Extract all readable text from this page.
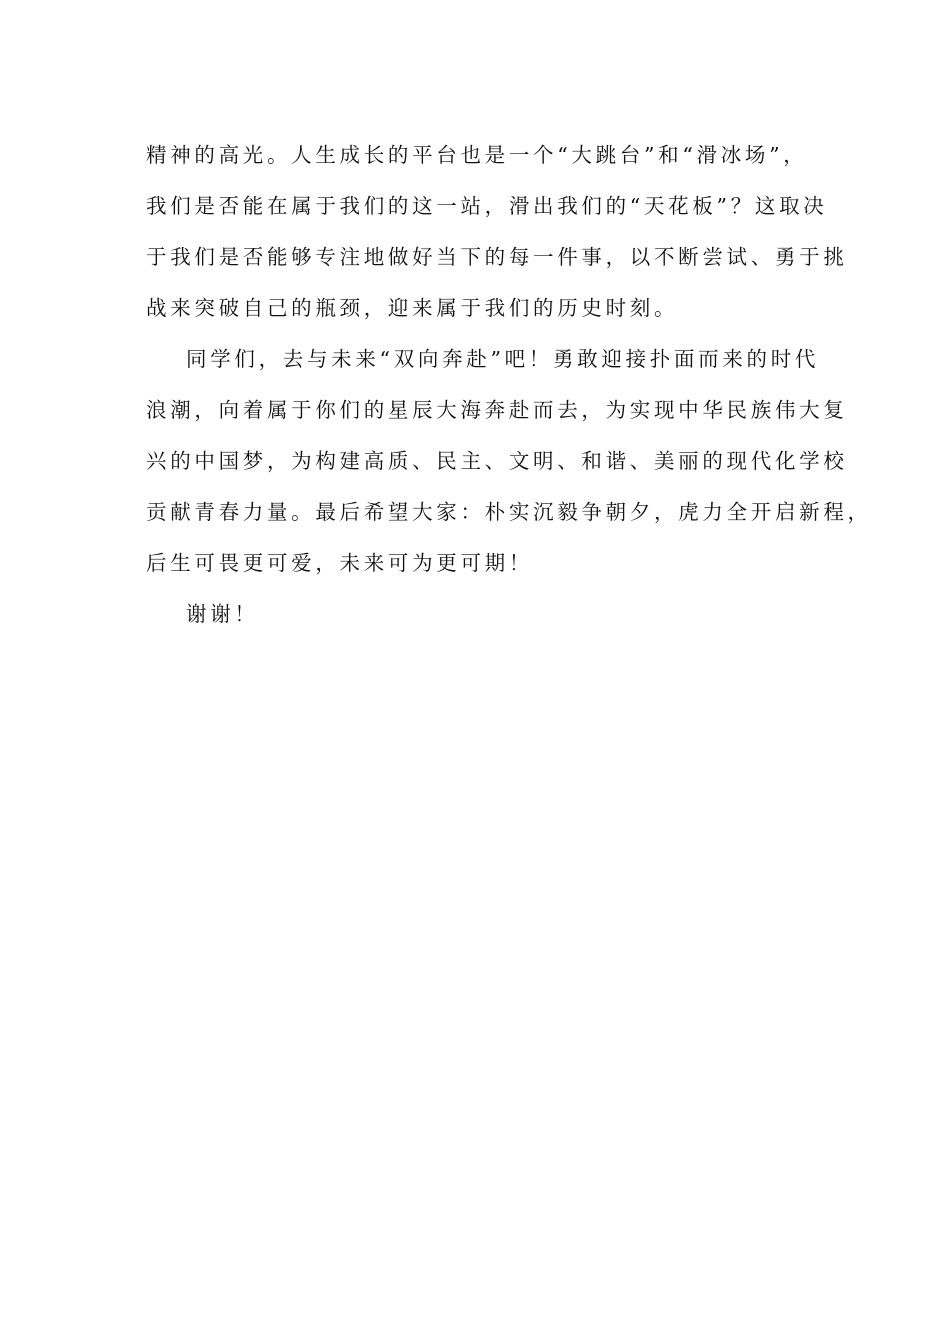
精神的高光。人生成长的平台也是一个“大跳台”和“滑冰场”，
我们是否能在属于我们的这一站，滑出我们的“天花板”？这取决
于我们是否能够专注地做好当下的每一件事，以不断尝试、勇于挑
战来突破自己的瓶颈，迎来属于我们的历史时刻。
同学们，去与未来“双向奔赴”吧！勇敢迎接扑面而来的时代
浪潮，向着属于你们的星辰大海奔赴而去，为实现中华民族伟大复
兴的中国梦，为构建高质、民主、文明、和谐、美丽的现代化学校
贡献青春力量。最后希望大家：朴实沉毅争朝夕，虎力全开启新程，
后生可畏更可爱，未来可为更可期！
谢谢！
